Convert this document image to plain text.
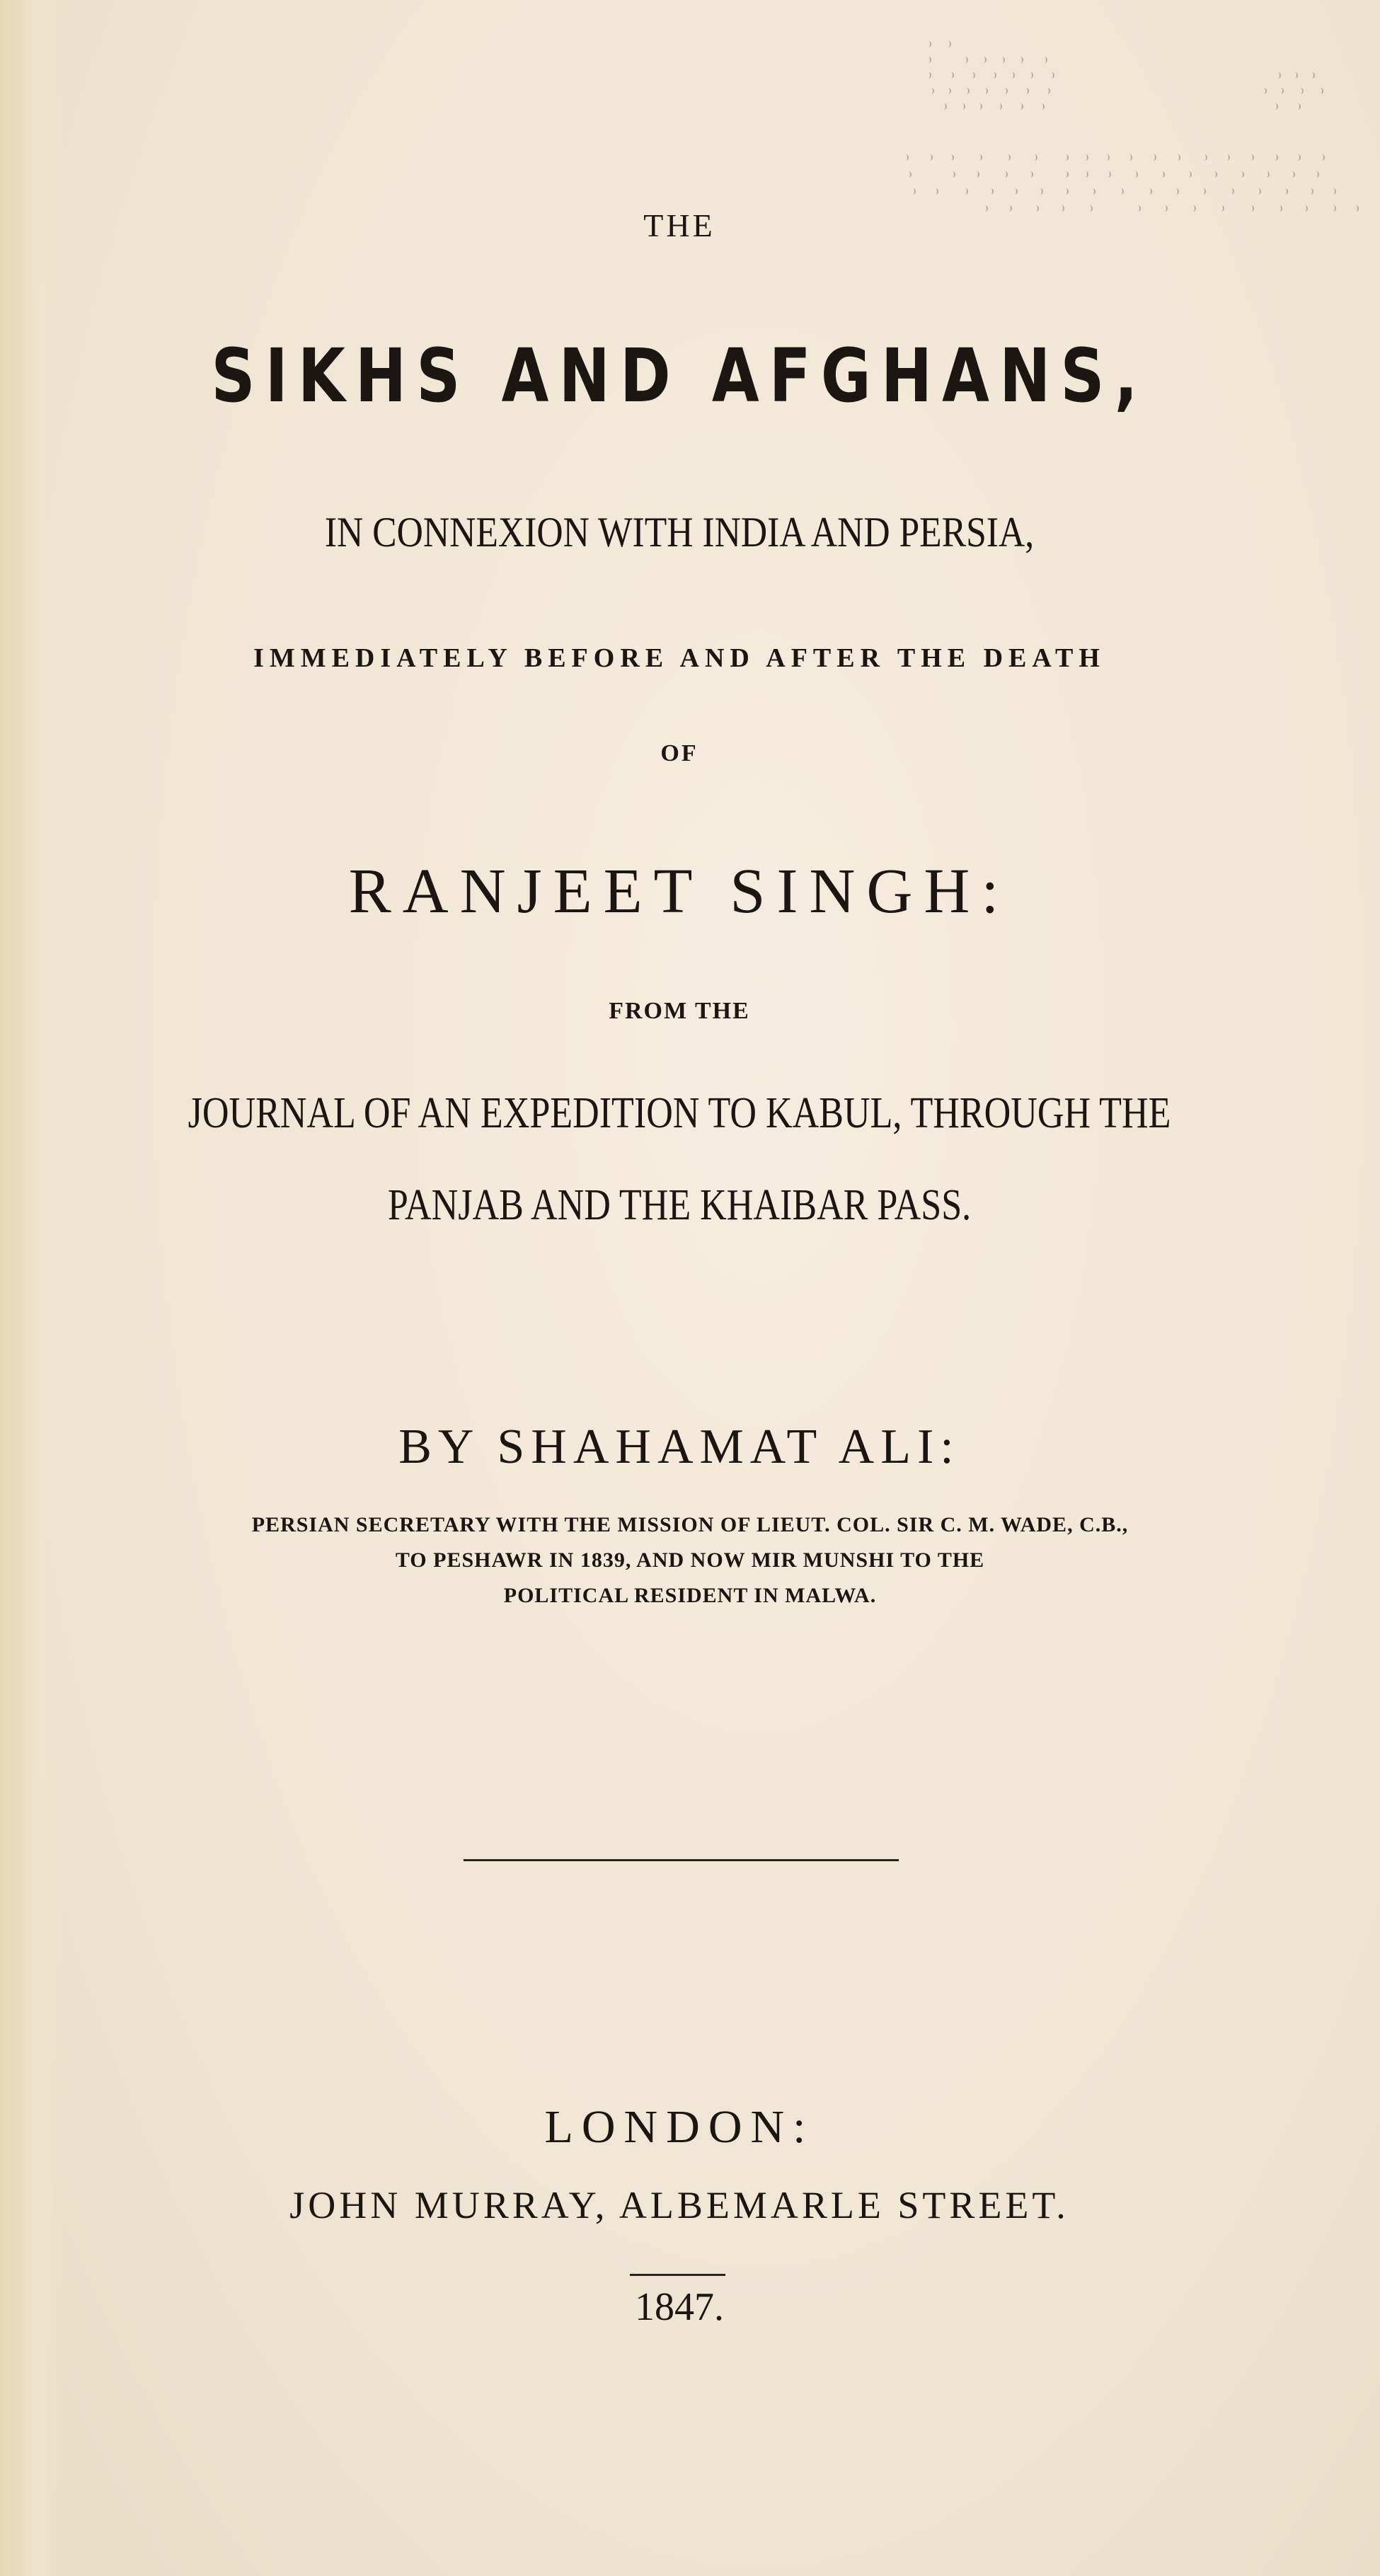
THE

SIKHS AND AFGHANS,

IN CONNEXION WITH INDIA AND PERSIA,

IMMEDIATELY BEFORE AND AFTER THE DEATH

OF

RANJEET SINGH:

FROM THE

JOURNAL OF AN EXPEDITION TO KABUL, THROUGH THE

PANJAB AND THE KHAIBAR PASS.

BY SHAHAMAT ALI:

PERSIAN SECRETARY WITH THE MISSION OF LIEUT. COL. SIR C. M. WADE, C.B.,
TO PESHAWR IN 1839, AND NOW MIR MUNSHI TO THE
POLITICAL RESIDENT IN MALWA.

LONDON:

JOHN MURRAY, ALBEMARLE STREET.

1847.
